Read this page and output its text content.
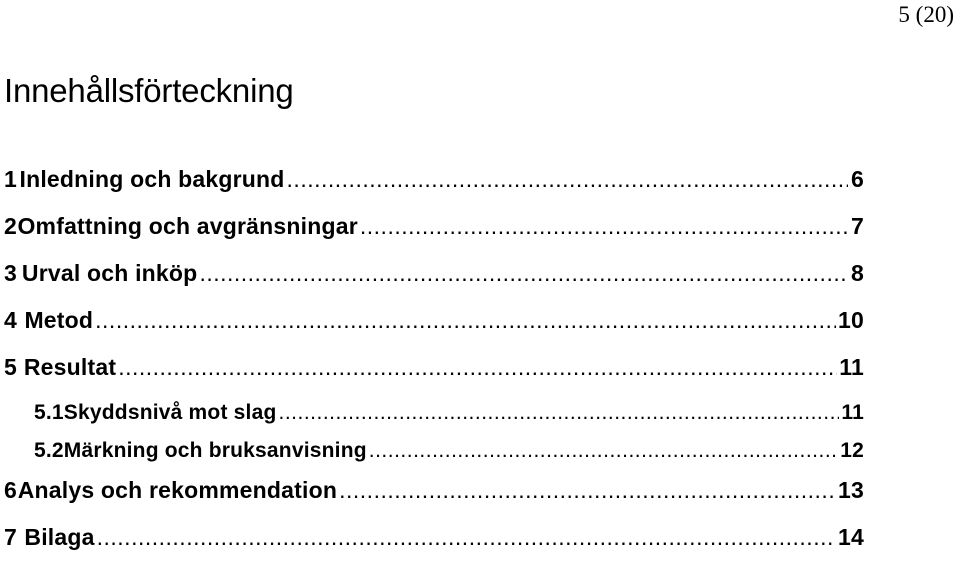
5 (20)
Innehållsförteckning
1 Inledning och bakgrund .....	6
2 Omfattning och avgränsningar .....	7
3 Urval och inköp .....	8
4 Metod .....	10
5 Resultat .....	11
5.1 Skyddsnivå mot slag .....	11
5.2 Märkning och bruksanvisning .....	12
6 Analys och rekommendation .....	13
7 Bilaga .....	14
